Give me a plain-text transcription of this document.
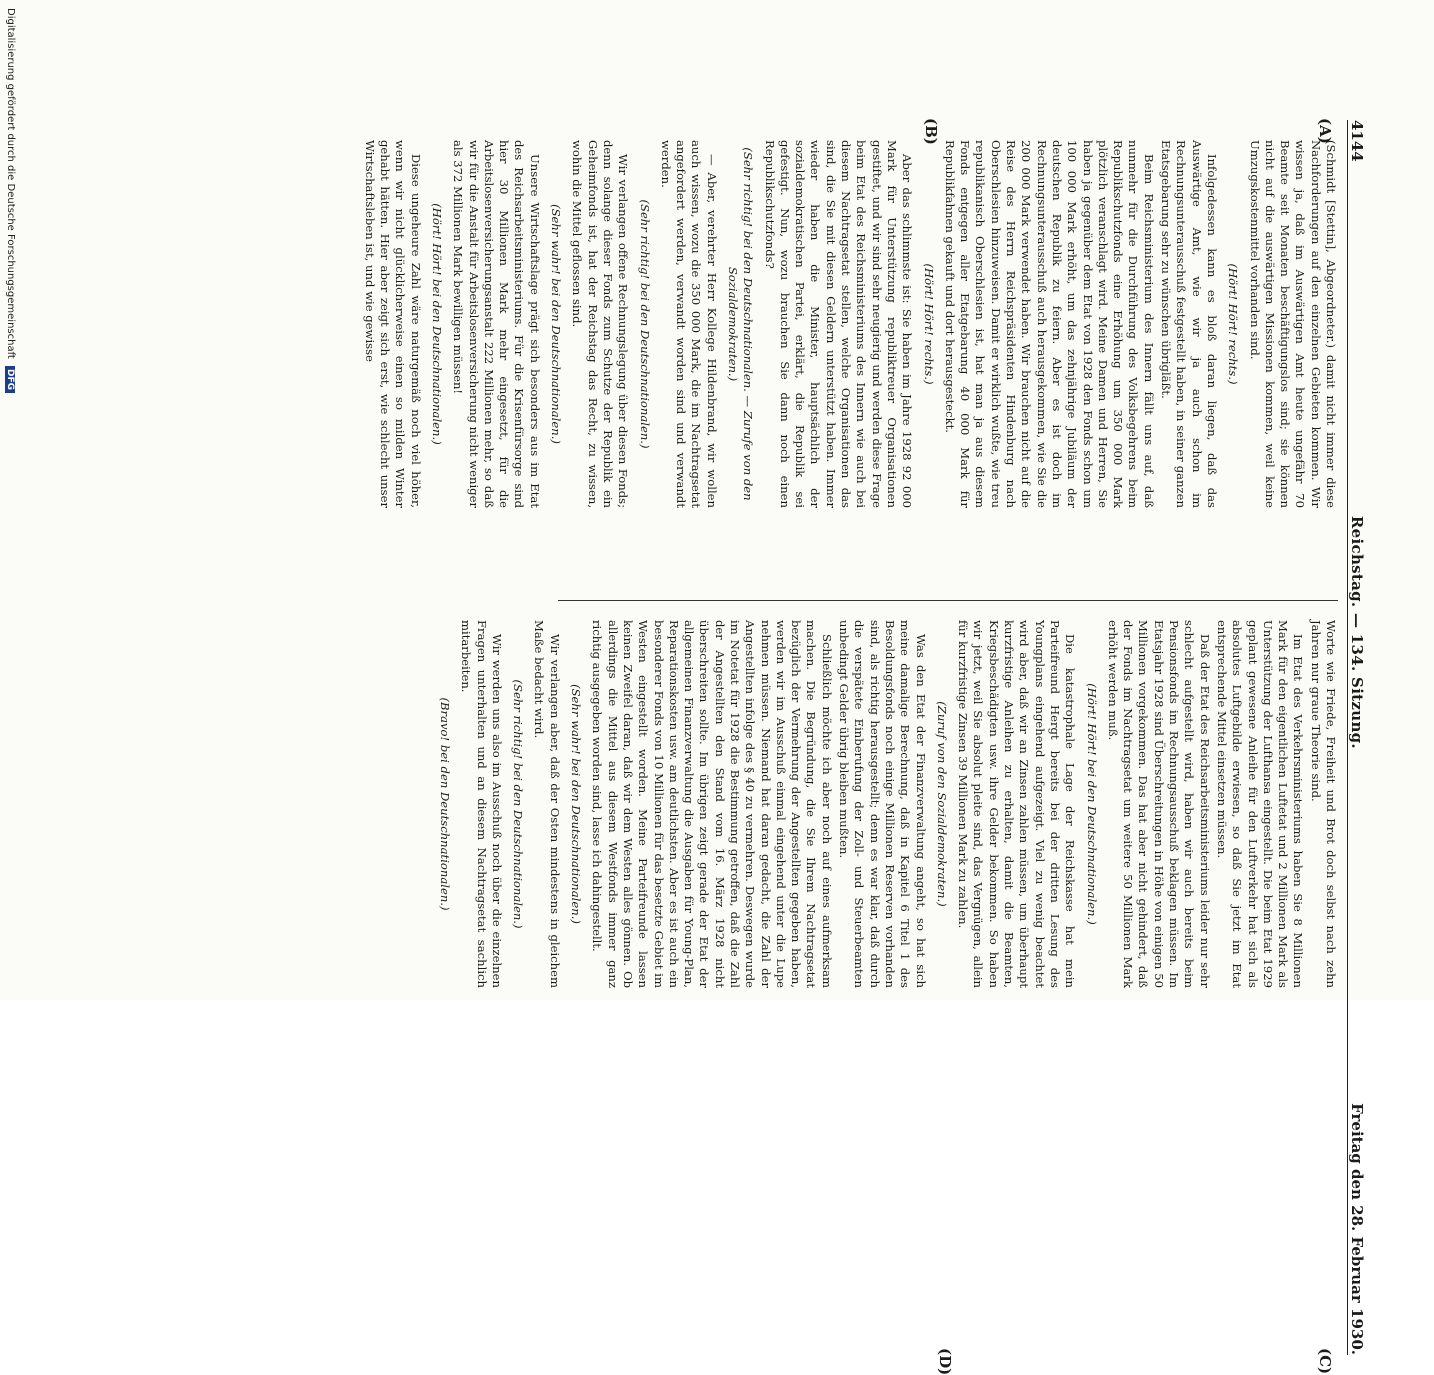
4144
Reichstag. — 134. Sitzung.
Freitag den 28. Februar 1930.
(A)
(B)
(C)
(D)

(Schmidt [Stettin], Abgeordneter.) damit nicht immer diese Nachforderungen auf den einzelnen Gebieten kommen. Wir wissen ja, daß im Auswärtigen Amt heute ungefähr 70 Beamte seit Monaten beschäftigungslos sind; sie können nicht auf die auswärtigen Missionen kommen, weil keine Umzugskostenmittel vorhanden sind.

(Hört! Hört! rechts.)

Infolgedessen kann es bloß daran liegen, daß das Auswärtige Amt, wie wir ja auch schon im Rechnungsunterausschuß festgestellt haben, in seiner ganzen Etatsgebarung sehr zu wünschen übrigläßt.

Beim Reichsministerium des Innern fällt uns auf, daß nunmehr für die Durchführung des Volksbegehrens beim Republikschutzfonds eine Erhöhung um 350 000 Mark plötzlich veranschlagt wird. Meine Damen und Herren, Sie haben ja gegenüber dem Etat von 1928 den Fonds schon um 100 000 Mark erhöht, um das zehnjährige Jubiläum der deutschen Republik zu feiern. Aber es ist doch im Rechnungsunterausschuß auch herausgekommen, wie Sie die 200 000 Mark verwendet haben. Wir brauchen nicht auf die Reise des Herrn Reichspräsidenten Hindenburg nach Oberschlesien hinzuweisen. Damit er wirklich wußte, wie treu republikanisch Oberschlesien ist, hat man ja aus diesem Fonds entgegen aller Etatgebarung 40 000 Mark für Republikfahnen gekauft und dort herausgesteckt.

(Hört! Hört! rechts.)

Aber das schlimmste ist: Sie haben im Jahre 1928 92 000 Mark für Unterstützung republiktreuer Organisationen gestiftet, und wir sind sehr neugierig und werden diese Frage beim Etat des Reichsministeriums des Innern wie auch bei diesem Nachtragsetat stellen, welche Organisationen das sind, die Sie mit diesen Geldern unterstützt haben. Immer wieder haben die Minister, hauptsächlich der sozialdemokratischen Partei, erklärt, die Republik sei gefestigt. Nun, wozu brauchen Sie dann noch einen Republikschutzfonds?

(Sehr richtig! bei den Deutschnationalen. — Zurufe von den Sozialdemokraten.)

— Aber, verehrter Herr Kollege Hildenbrand, wir wollen auch wissen, wozu die 350 000 Mark, die im Nachtragsetat angefordert werden, verwandt worden sind und verwandt werden.

(Sehr richtig! bei den Deutschnationalen.)

Wir verlangen offene Rechnungslegung über diesen Fonds; denn solange dieser Fonds zum Schutze der Republik ein Geheimfonds ist, hat der Reichstag das Recht, zu wissen, wohin die Mittel geflossen sind.

(Sehr wahr! bei den Deutschnationalen.)

Unsere Wirtschaftslage prägt sich besonders aus im Etat des Reichsarbeitsministeriums. Für die Krisenfürsorge sind hier 30 Millionen Mark mehr eingesetzt, für die Arbeitslosenversicherungsanstalt 222 Millionen mehr, so daß wir für die Anstalt für Arbeitslosenversicherung nicht weniger als 372 Millionen Mark bewilligen müssen!

(Hört! Hört! bei den Deutschnationalen.)

Diese ungeheure Zahl wäre naturgemäß noch viel höher, wenn wir nicht glücklicherweise einen so milden Winter gehabt hätten. Hier aber zeigt sich erst, wie schlecht unser Wirtschaftsleben ist, und wie gewisse

Worte wie Friede, Freiheit und Brot doch selbst nach zehn Jahren nur graue Theorie sind.

Im Etat des Verkehrsministeriums haben Sie 8 Millionen Mark für den eigentlichen Luftetat und 2 Millionen Mark als Unterstützung der Lufthansa eingestellt. Die beim Etat 1929 geplant gewesene Anleihe für den Luftverkehr hat sich als absolutes Luftgebilde erwiesen, so daß Sie jetzt im Etat entsprechende Mittel einsetzen müssen.

Daß der Etat des Reichsarbeitsministeriums leider nur sehr schlecht aufgestellt wird, haben wir auch bereits beim Pensionsfonds im Rechnungsausschuß beklagen müssen. Im Etatsjahr 1928 sind Überschreitungen in Höhe von einigen 50 Millionen vorgekommen. Das hat aber nicht gehindert, daß der Fonds im Nachtragsetat um weitere 50 Millionen Mark erhöht werden muß.

(Hört! Hört! bei den Deutschnationalen.)

Die katastrophale Lage der Reichskasse hat mein Parteifreund Hergt bereits bei der dritten Lesung des Youngplans eingehend aufgezeigt. Viel zu wenig beachtet wird aber, daß wir an Zinsen zahlen müssen, um überhaupt kurzfristige Anleihen zu erhalten, damit die Beamten, Kriegsbeschädigten usw. ihre Gelder bekommen. So haben wir jetzt, weil Sie absolut pleite sind, das Vergnügen, allein für kurzfristige Zinsen 39 Millionen Mark zu zahlen.

(Zuruf von den Sozialdemokraten.)

Was den Etat der Finanzverwaltung angeht, so hat sich meine damalige Berechnung, daß in Kapitel 6 Titel 1 des Besoldungsfonds noch einige Millionen Reserven vorhanden sind, als richtig herausgestellt; denn es war klar, daß durch die verspätete Einberufung der Zoll- und Steuerbeamten unbedingt Gelder übrig bleiben mußten.

Schließlich möchte ich aber noch auf eines aufmerksam machen. Die Begründung, die Sie Ihrem Nachtragsetat bezüglich der Vermehrung der Angestellten gegeben haben, werden wir im Ausschuß einmal eingehend unter die Lupe nehmen müssen. Niemand hat daran gedacht, die Zahl der Angestellten infolge des § 40 zu vermehren. Deswegen wurde im Notetat für 1928 die Bestimmung getroffen, daß die Zahl der Angestellten den Stand vom 16. März 1928 nicht überschreiten sollte. Im übrigen zeigt gerade der Etat der allgemeinen Finanzverwaltung die Ausgaben für Young-Plan, Reparationskosten usw. am deutlichsten. Aber es ist auch ein besonderer Fonds von 10 Millionen für das besetzte Gebiet im Westen eingestellt worden. Meine Parteifreunde lassen keinen Zweifel daran, daß wir dem Westen alles gönnen. Ob allerdings die Mittel aus diesem Westfonds immer ganz richtig ausgegeben worden sind, lasse ich dahingestellt.

(Sehr wahr! bei den Deutschnationalen.)

Wir verlangen aber, daß der Osten mindestens in gleichem Maße bedacht wird.

(Sehr richtig! bei den Deutschnationalen.)

Wir werden uns also im Ausschuß noch über die einzelnen Fragen unterhalten und an diesem Nachtragsetat sachlich mitarbeiten.

(Bravo! bei den Deutschnationalen.)

Digitalisierung gefördert durch die Deutsche Forschungsgemeinschaft DFG
